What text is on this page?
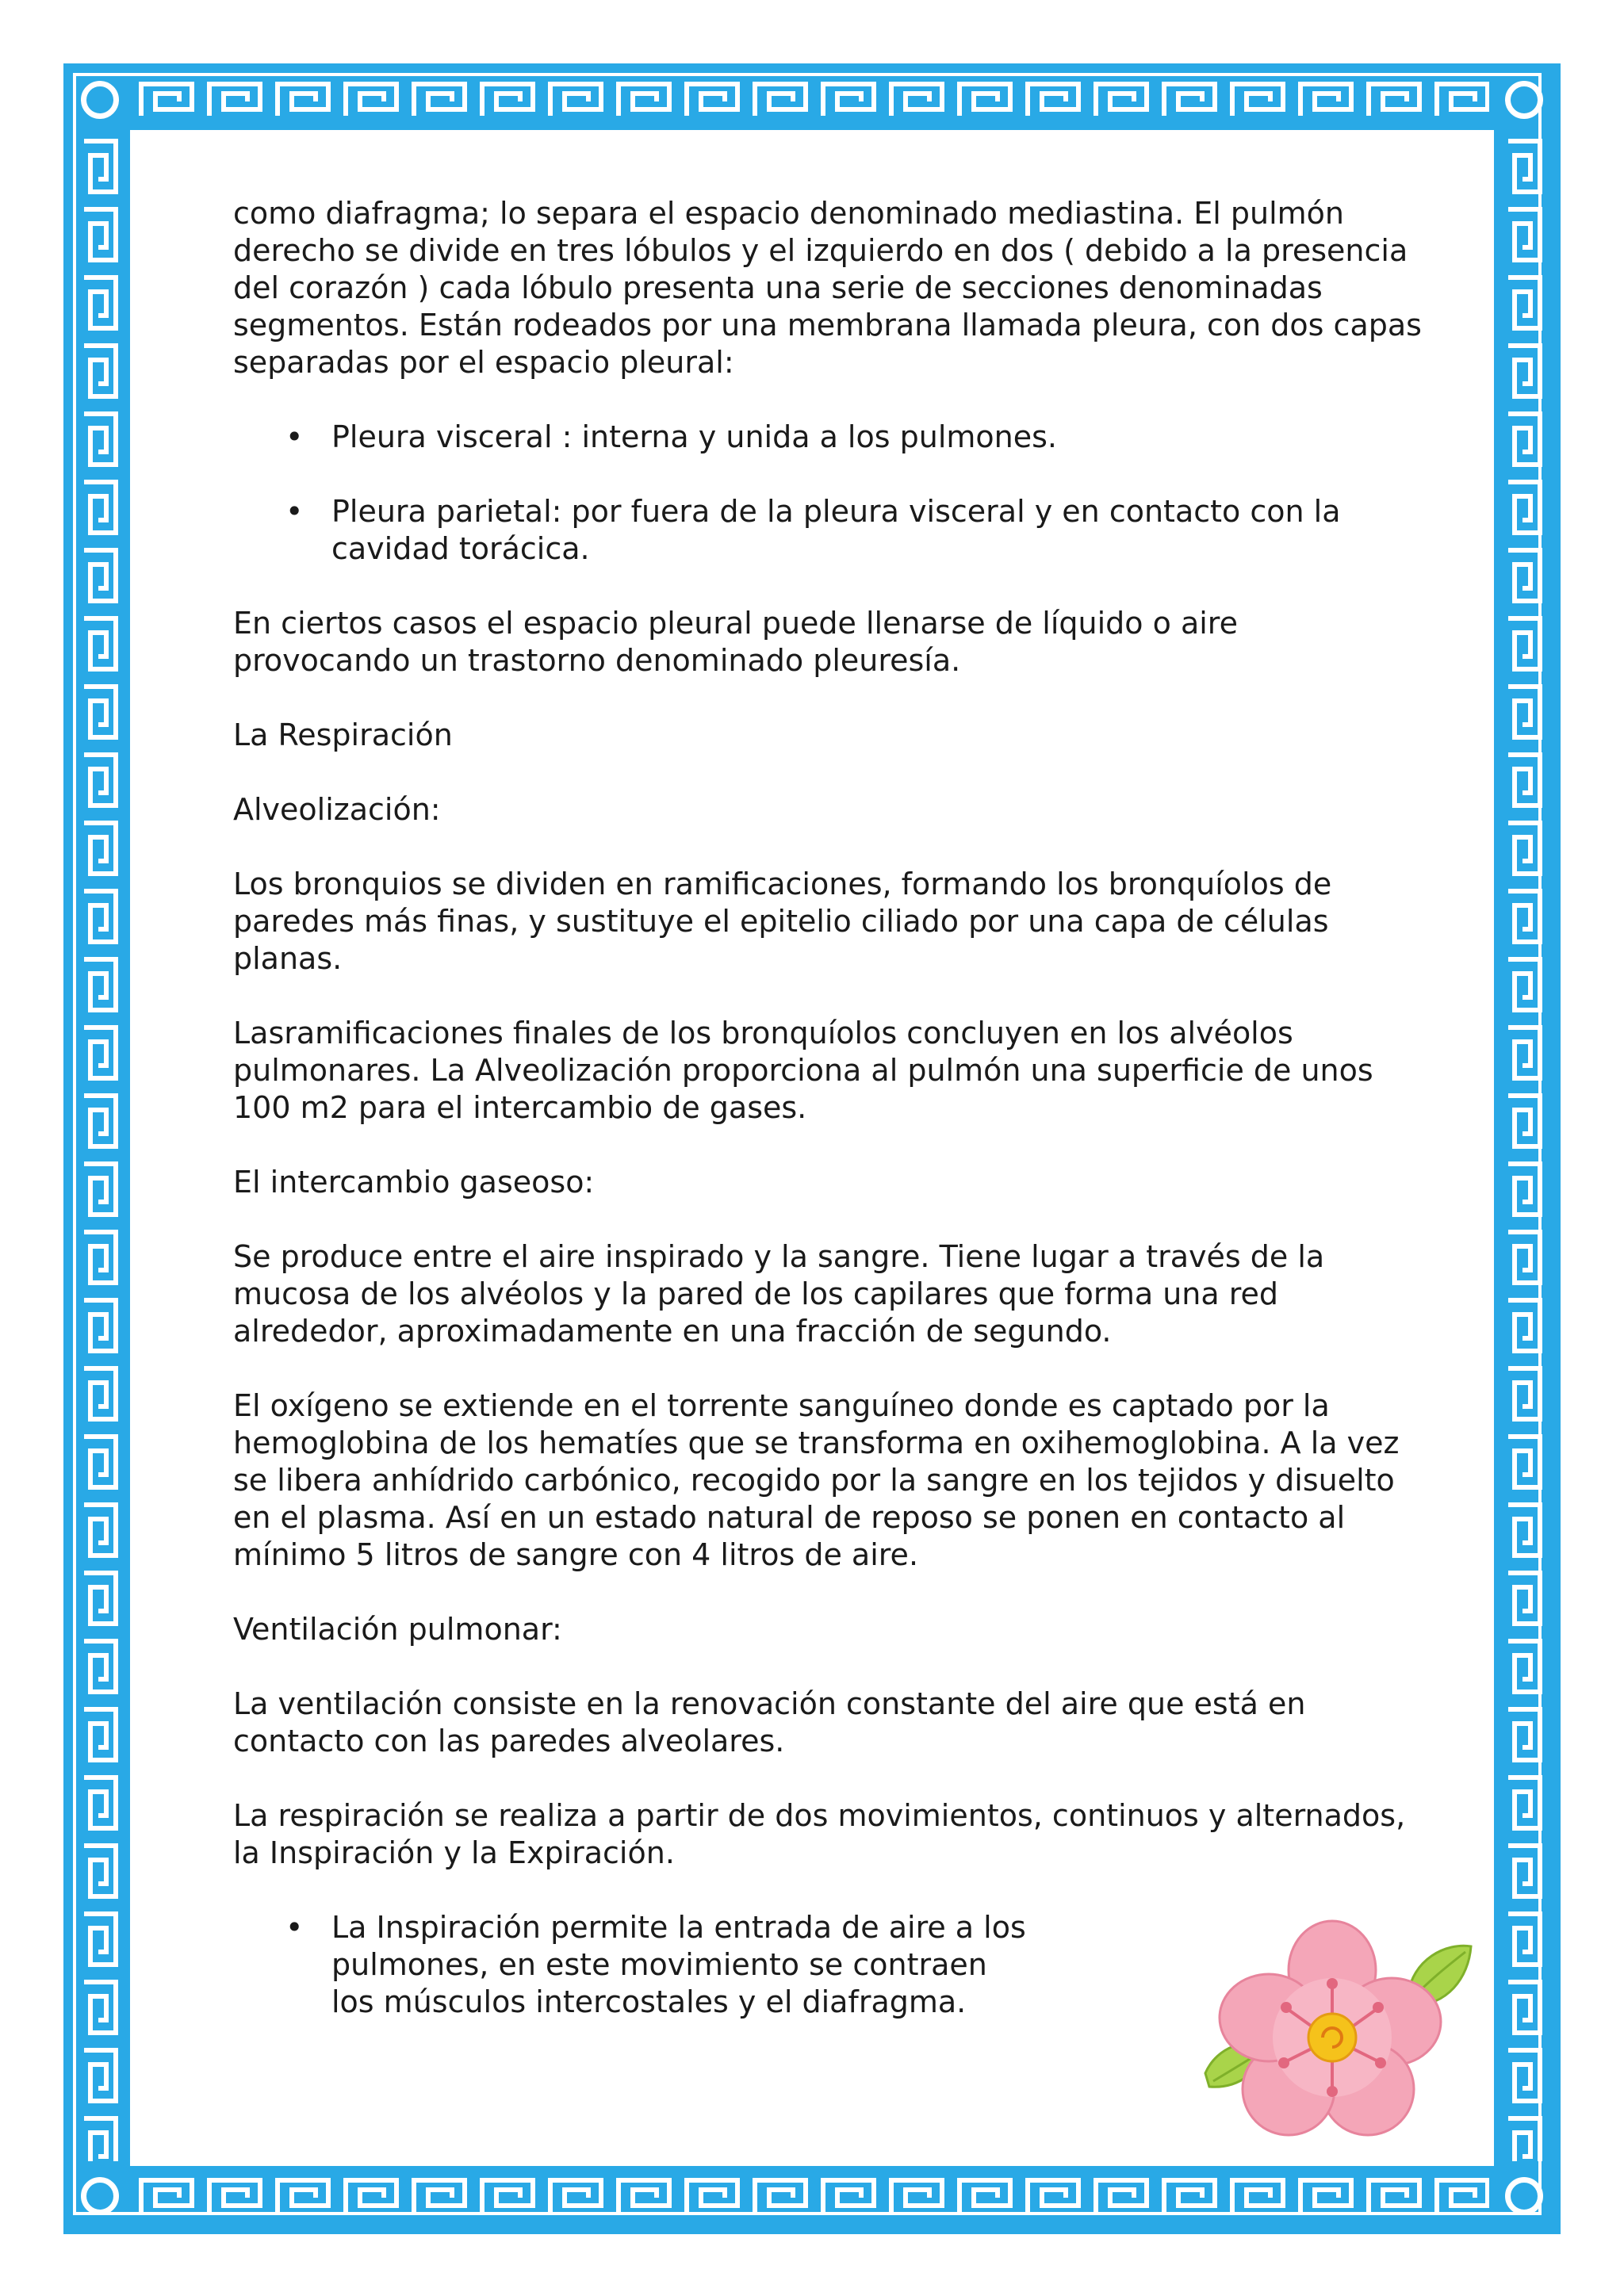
como diafragma; lo separa el espacio denominado mediastina. El pulmón derecho se divide en tres lóbulos y el izquierdo en dos ( debido a la presencia del corazón ) cada lóbulo presenta una serie de secciones denominadas segmentos. Están rodeados por una membrana llamada pleura, con dos capas separadas por el espacio pleural:

• Pleura visceral : interna y unida a los pulmones.
• Pleura parietal: por fuera de la pleura visceral y en contacto con la cavidad torácica.

En ciertos casos el espacio pleural puede llenarse de líquido o aire provocando un trastorno denominado pleuresía.

La Respiración

Alveolización:

Los bronquios se dividen en ramificaciones, formando los bronquíolos de paredes más finas, y sustituye el epitelio ciliado por una capa de células planas.

Lasramificaciones finales de los bronquíolos concluyen en los alvéolos pulmonares. La Alveolización proporciona al pulmón una superficie de unos 100 m2 para el intercambio de gases.

El intercambio gaseoso:

Se produce entre el aire inspirado y la sangre. Tiene lugar a través de la mucosa de los alvéolos y la pared de los capilares que forma una red alrededor, aproximadamente en una fracción de segundo.

El oxígeno se extiende en el torrente sanguíneo donde es captado por la hemoglobina de los hematíes que se transforma en oxihemoglobina. A la vez se libera anhídrido carbónico, recogido por la sangre en los tejidos y disuelto en el plasma. Así en un estado natural de reposo se ponen en contacto al mínimo 5 litros de sangre con 4 litros de aire.

Ventilación pulmonar:

La ventilación consiste en la renovación constante del aire que está en contacto con las paredes alveolares.

La respiración se realiza a partir de dos movimientos, continuos y alternados, la Inspiración y la Expiración.

• La Inspiración permite la entrada de aire a los pulmones, en este movimiento se contraen los músculos intercostales y el diafragma.
